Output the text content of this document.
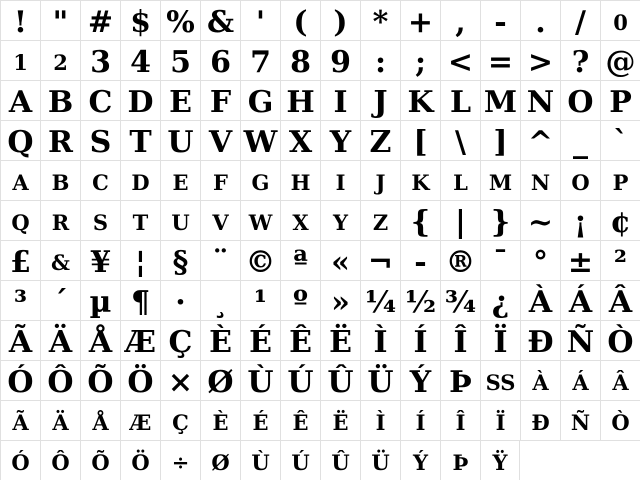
! " # $ % & ' ( ) * + , - . /	0
1	2 3 4 5 6 7 8 9 : ; < = > ? @
A B C D E F G H I J K L M N O P
Q R S T U V W X Y Z [ \ ] ^ _ `
A	B	C	D	E	F	G	H	I	J	K	L	M N	O	P
Q	R	S	T	U	V W X	Y	Z { | } ~ ¡ ¢
£ & ¥ ¦ § ¨ © ª « ¬ - ® ¯ ° ± ²
³ ´ µ ¶ · ¸ ¹ º » ¼ ½ ¾ ¿ À Á Â
Ã Ä Å Æ Ç È É Ê Ë Ì Í Î Ï Ð Ñ Ò
Ó Ô Õ Ö × Ø Ù Ú Û Ü Ý Þ SS À	Á	Â
Ã	Ä	Å	Æ Ç	È	É	Ê	Ë	Ì	Í	Î	Ï	Ð	Ñ	Ò
Ó	Ô	Õ	Ö	÷	Ø	Ù	Ú	Û	Ü	Ý	Þ	Ÿ
